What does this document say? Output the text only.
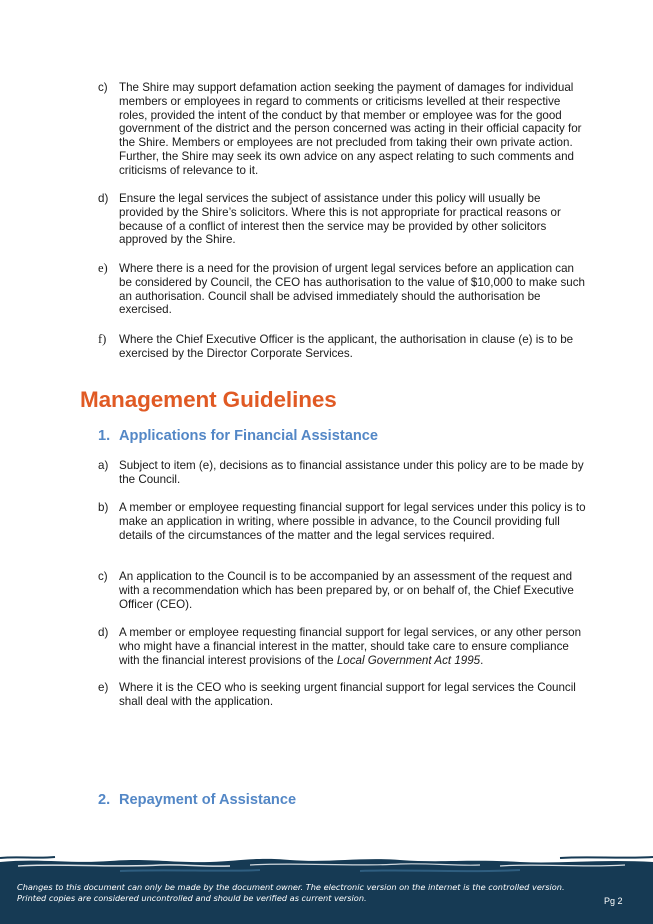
c) The Shire may support defamation action seeking the payment of damages for individual members or employees in regard to comments or criticisms levelled at their respective roles, provided the intent of the conduct by that member or employee was for the good government of the district and the person concerned was acting in their official capacity for the Shire. Members or employees are not precluded from taking their own private action. Further, the Shire may seek its own advice on any aspect relating to such comments and criticisms of relevance to it.
d) Ensure the legal services the subject of assistance under this policy will usually be provided by the Shire’s solicitors. Where this is not appropriate for practical reasons or because of a conflict of interest then the service may be provided by other solicitors approved by the Shire.
e) Where there is a need for the provision of urgent legal services before an application can be considered by Council, the CEO has authorisation to the value of $10,000 to make such an authorisation. Council shall be advised immediately should the authorisation be exercised.
f)	Where the Chief Executive Officer is the applicant, the authorisation in clause (e) is to be exercised by the Director Corporate Services.
Management Guidelines
1. Applications for Financial Assistance
a) Subject to item (e), decisions as to financial assistance under this policy are to be made by the Council.
b) A member or employee requesting financial support for legal services under this policy is to make an application in writing, where possible in advance, to the Council providing full details of the circumstances of the matter and the legal services required.
c) An application to the Council is to be accompanied by an assessment of the request and with a recommendation which has been prepared by, or on behalf of, the Chief Executive Officer (CEO).
d) A member or employee requesting financial support for legal services, or any other person who might have a financial interest in the matter, should take care to ensure compliance with the financial interest provisions of the Local Government Act 1995.
e) Where it is the CEO who is seeking urgent financial support for legal services the Council shall deal with the application.
2. Repayment of Assistance
Changes to this document can only be made by the document owner. The electronic version on the internet is the controlled version. Printed copies are considered uncontrolled and should be verified as current version.	Pg 2
